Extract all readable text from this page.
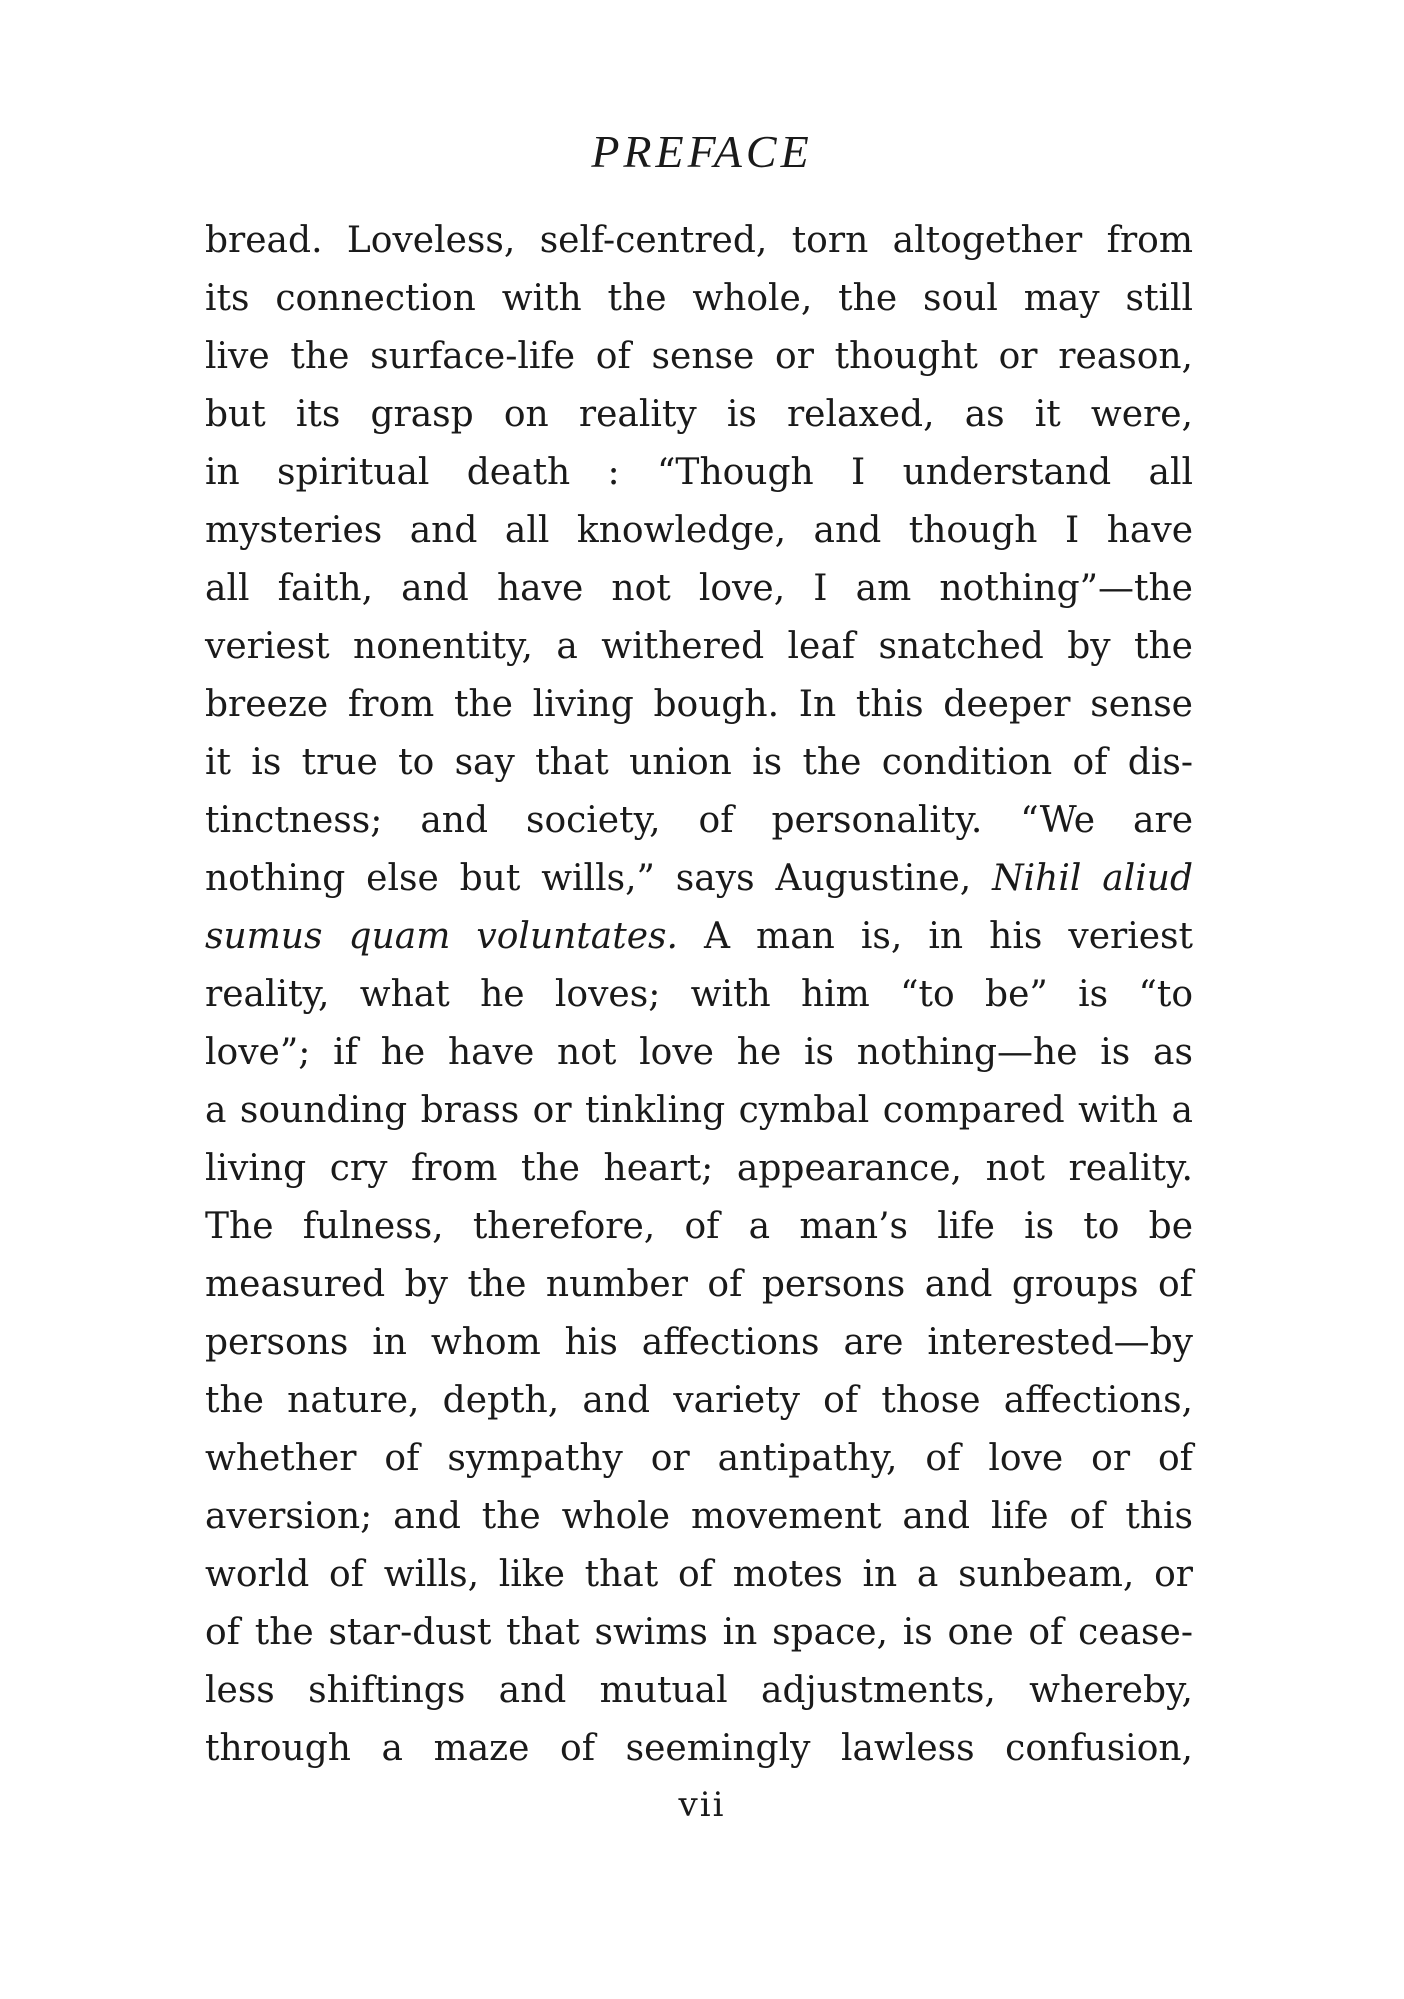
PREFACE
bread. Loveless, self-centred, torn altogether from
its connection with the whole, the soul may still
live the surface-life of sense or thought or reason,
but its grasp on reality is relaxed, as it were,
in spiritual death : “Though I understand all
mysteries and all knowledge, and though I have
all faith, and have not love, I am nothing”—the
veriest nonentity, a withered leaf snatched by the
breeze from the living bough. In this deeper sense
it is true to say that union is the condition of dis-
tinctness; and society, of personality. “We are
nothing else but wills,” says Augustine, Nihil aliud
sumus quam voluntates. A man is, in his veriest
reality, what he loves; with him “to be” is “to
love”; if he have not love he is nothing—he is as
a sounding brass or tinkling cymbal compared with a
living cry from the heart; appearance, not reality.
The fulness, therefore, of a man’s life is to be
measured by the number of persons and groups of
persons in whom his affections are interested—by
the nature, depth, and variety of those affections,
whether of sympathy or antipathy, of love or of
aversion; and the whole movement and life of this
world of wills, like that of motes in a sunbeam, or
of the star-dust that swims in space, is one of cease-
less shiftings and mutual adjustments, whereby,
through a maze of seemingly lawless confusion,
vii
